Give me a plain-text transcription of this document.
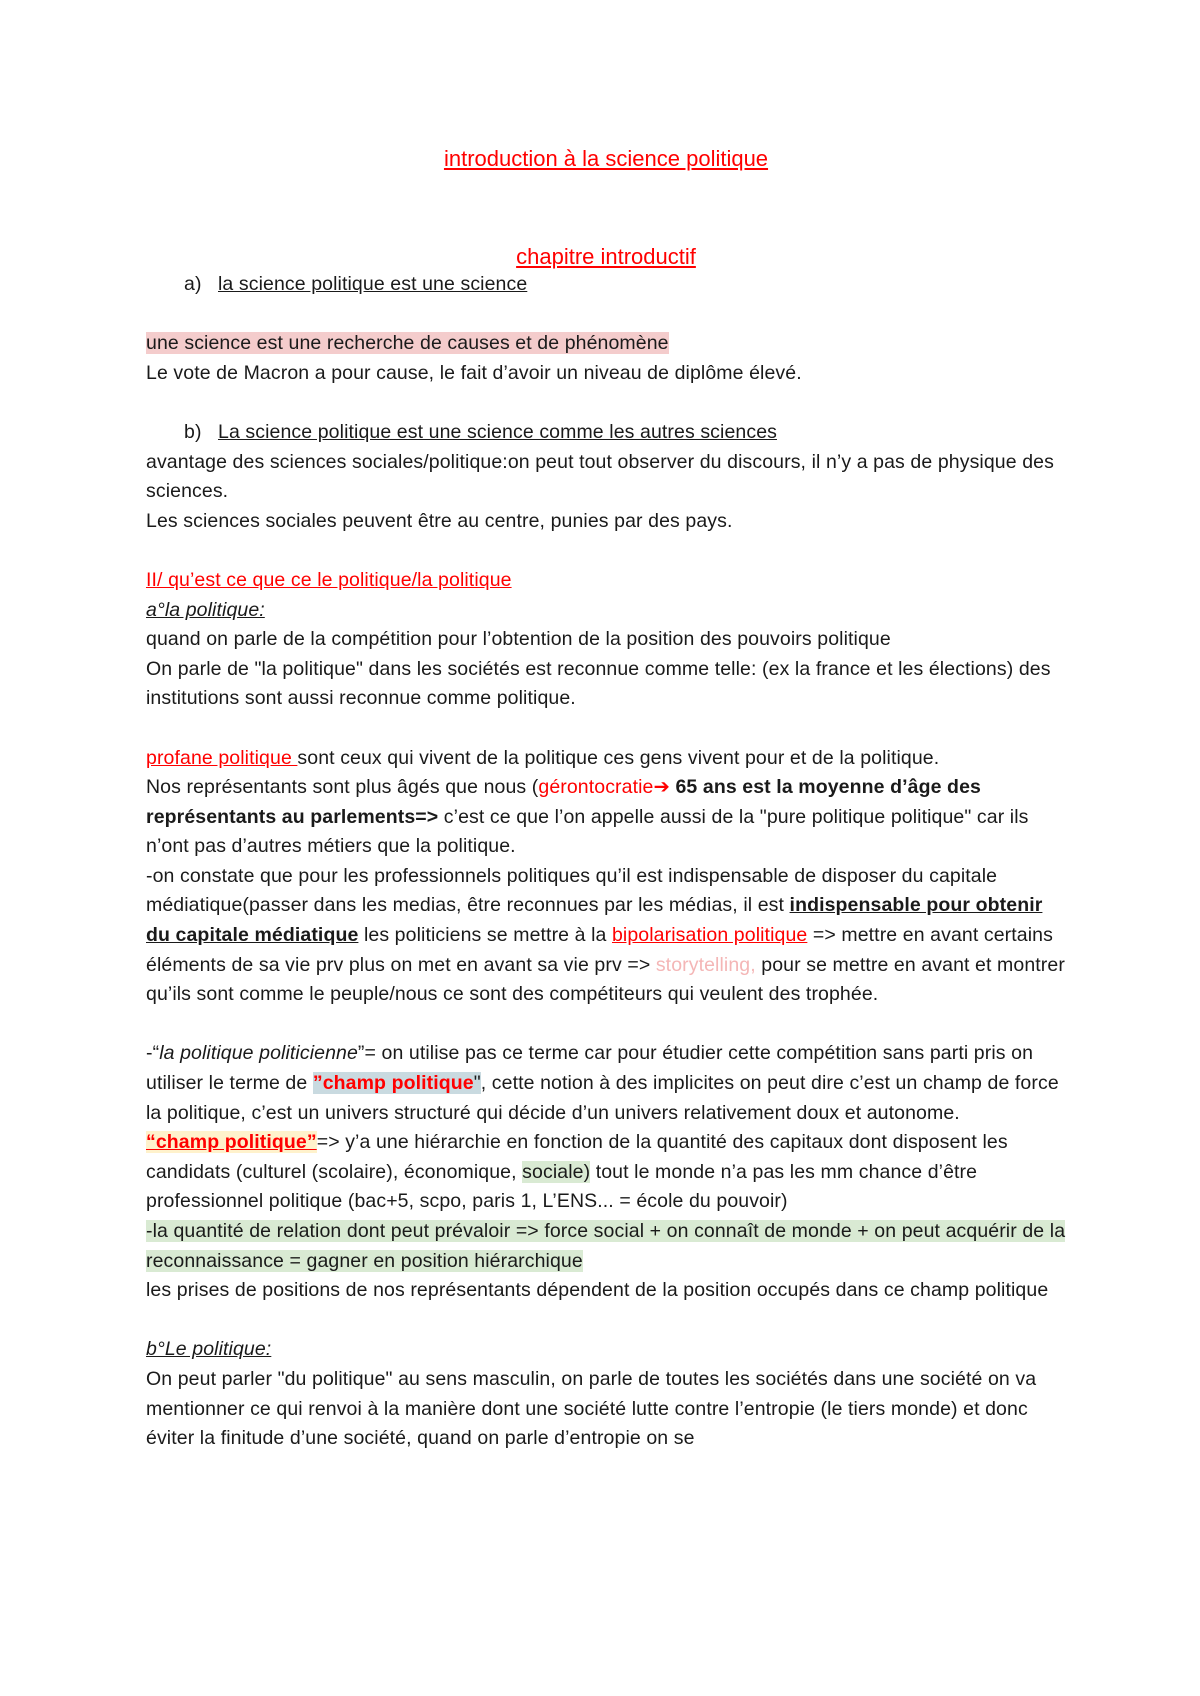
introduction à la science politique
chapitre introductif
a) la science politique est une science
une science est une recherche de causes et de phénomène
Le vote de Macron a pour cause, le fait d’avoir un niveau de diplôme élevé.
b) La science politique est une science comme les autres sciences
avantage des sciences sociales/politique:on peut tout observer du discours, il n’y a pas de physique des sciences.
Les sciences sociales peuvent être au centre, punies par des pays.
II/ qu’est ce que ce le politique/la politique
a°la politique:
quand on parle de la compétition pour l’obtention de la position des pouvoirs politique
On parle de "la politique" dans les sociétés est reconnue comme telle: (ex la france et les élections) des institutions sont aussi reconnue comme politique.
profane politique sont ceux qui vivent de la politique ces gens vivent pour et de la politique.
Nos représentants sont plus âgés que nous (gérontocratie➔ 65 ans est la moyenne d’âge des représentants au parlements=> c’est ce que l’on appelle aussi de la "pure politique politique" car ils n’ont pas d’autres métiers que la politique.
-on constate que pour les professionnels politiques qu’il est indispensable de disposer du capitale médiatique(passer dans les medias, être reconnues par les médias, il est indispensable pour obtenir du capitale médiatique les politiciens se mettre à la bipolarisation politique => mettre en avant certains éléments de sa vie prv plus on met en avant sa vie prv => storytelling, pour se mettre en avant et montrer qu’ils sont comme le peuple/nous ce sont des compétiteurs qui veulent des trophée.
-“la politique politicienne”= on utilise pas ce terme car pour étudier cette compétition sans parti pris on utiliser le terme de ”champ politique", cette notion à des implicites on peut dire c’est un champ de force la politique, c’est un univers structuré qui décide d’un univers relativement doux et autonome.
“champ politique”=> y’a une hiérarchie en fonction de la quantité des capitaux dont disposent les candidats (culturel (scolaire), économique, sociale) tout le monde n’a pas les mm chance d’être professionnel politique (bac+5, scpo, paris 1, L’ENS... = école du pouvoir)
-la quantité de relation dont peut prévaloir => force social + on connaît de monde + on peut acquérir de la reconnaissance = gagner en position hiérarchique
les prises de positions de nos représentants dépendent de la position occupés dans ce champ politique
b°Le politique:
On peut parler "du politique" au sens masculin, on parle de toutes les sociétés dans une société on va mentionner ce qui renvoi à la manière dont une société lutte contre l’entropie (le tiers monde) et donc éviter la finitude d’une société, quand on parle d’entropie on se
